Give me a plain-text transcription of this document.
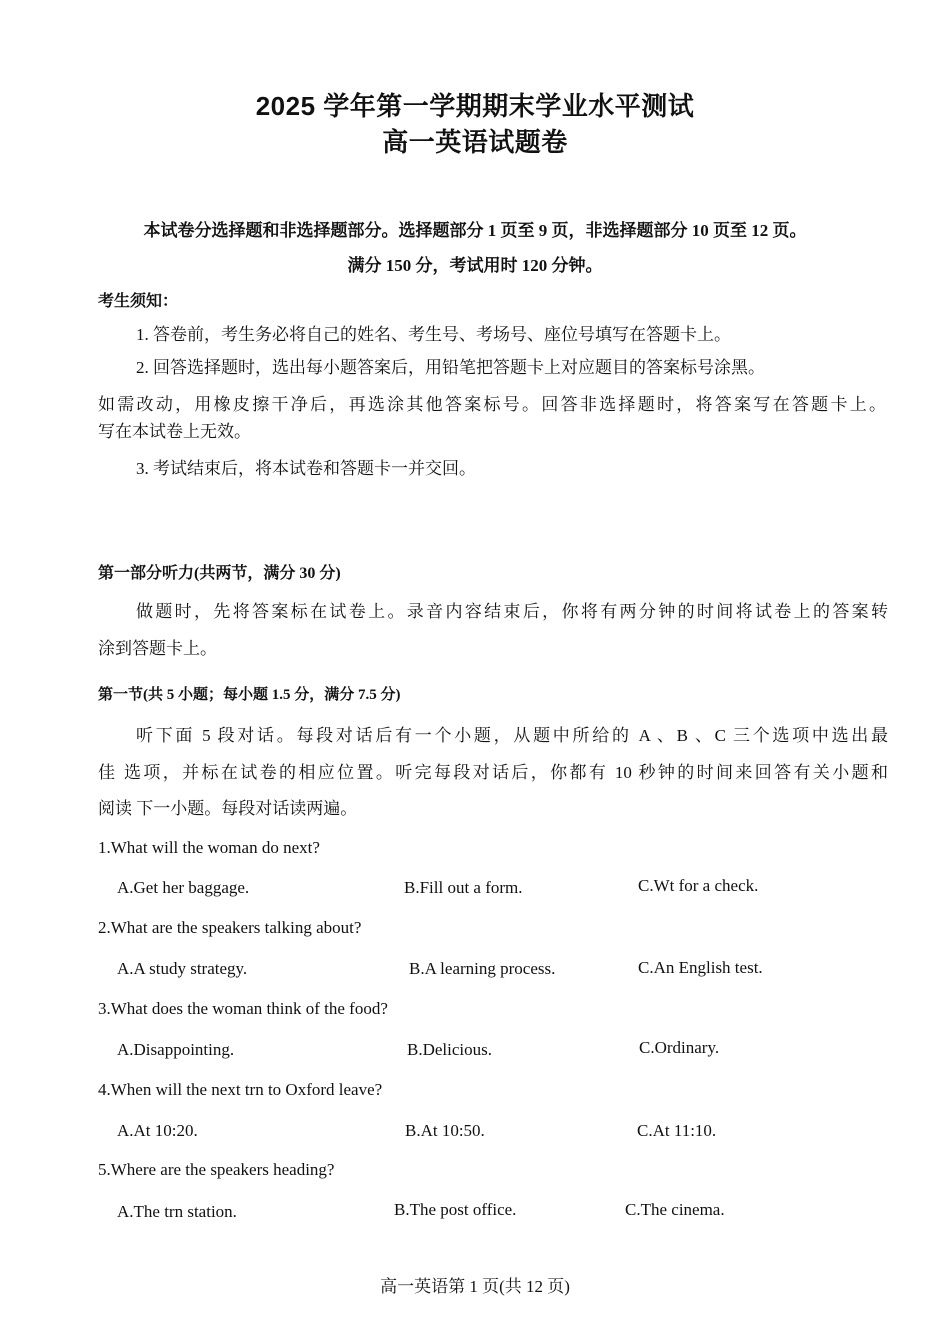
2025 学年第一学期期末学业水平测试
高一英语试题卷
本试卷分选择题和非选择题部分。选择题部分 1 页至 9 页，非选择题部分 10 页至 12 页。
满分 150 分，考试用时 120 分钟。
考生须知：
1. 答卷前，考生务必将自己的姓名、考生号、考场号、座位号填写在答题卡上。
2. 回答选择题时，选出每小题答案后，用铅笔把答题卡上对应题目的答案标号涂黑。
如需改动，用橡皮擦干净后，再选涂其他答案标号。回答非选择题时，将答案写在答题卡上。
写在本试卷上无效。
3. 考试结束后，将本试卷和答题卡一并交回。
第一部分听力(共两节，满分 30 分)
做题时，先将答案标在试卷上。录音内容结束后，你将有两分钟的时间将试卷上的答案转
涂到答题卡上。
第一节(共 5 小题；每小题 1.5 分，满分 7.5 分)
听下面 5 段对话。每段对话后有一个小题，从题中所给的 A 、B 、C 三个选项中选出最
佳 选项，并标在试卷的相应位置。听完每段对话后，你都有 10 秒钟的时间来回答有关小题和
阅读 下一小题。每段对话读两遍。
1.What will the woman do next?
A.Get her baggage.	B.Fill out a form.	C.Wt for a check.
2.What are the speakers talking about?
A.A study strategy.	B.A learning process.	C.An English test.
3.What does the woman think of the food?
A.Disappointing.	B.Delicious.	C.Ordinary.
4.When will the next trn to Oxford leave?
A.At 10:20.	B.At 10:50.	C.At 11:10.
5.Where are the speakers heading?
A.The trn station.	B.The post office.	C.The cinema.
高一英语第 1 页(共 12 页)
